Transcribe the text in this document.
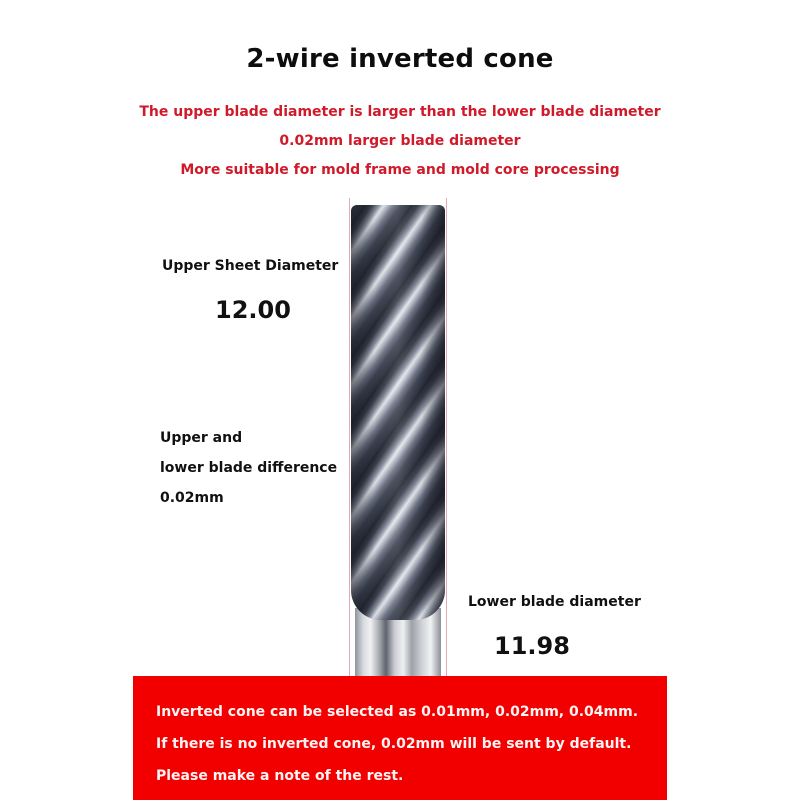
2-wire inverted cone
The upper blade diameter is larger than the lower blade diameter
0.02mm larger blade diameter
More suitable for mold frame and mold core processing
Upper Sheet Diameter
12.00
Upper and
lower blade difference
0.02mm
Lower blade diameter
11.98

Inverted cone can be selected as 0.01mm, 0.02mm, 0.04mm.

If there is no inverted cone, 0.02mm will be sent by default.

Please make a note of the rest.
